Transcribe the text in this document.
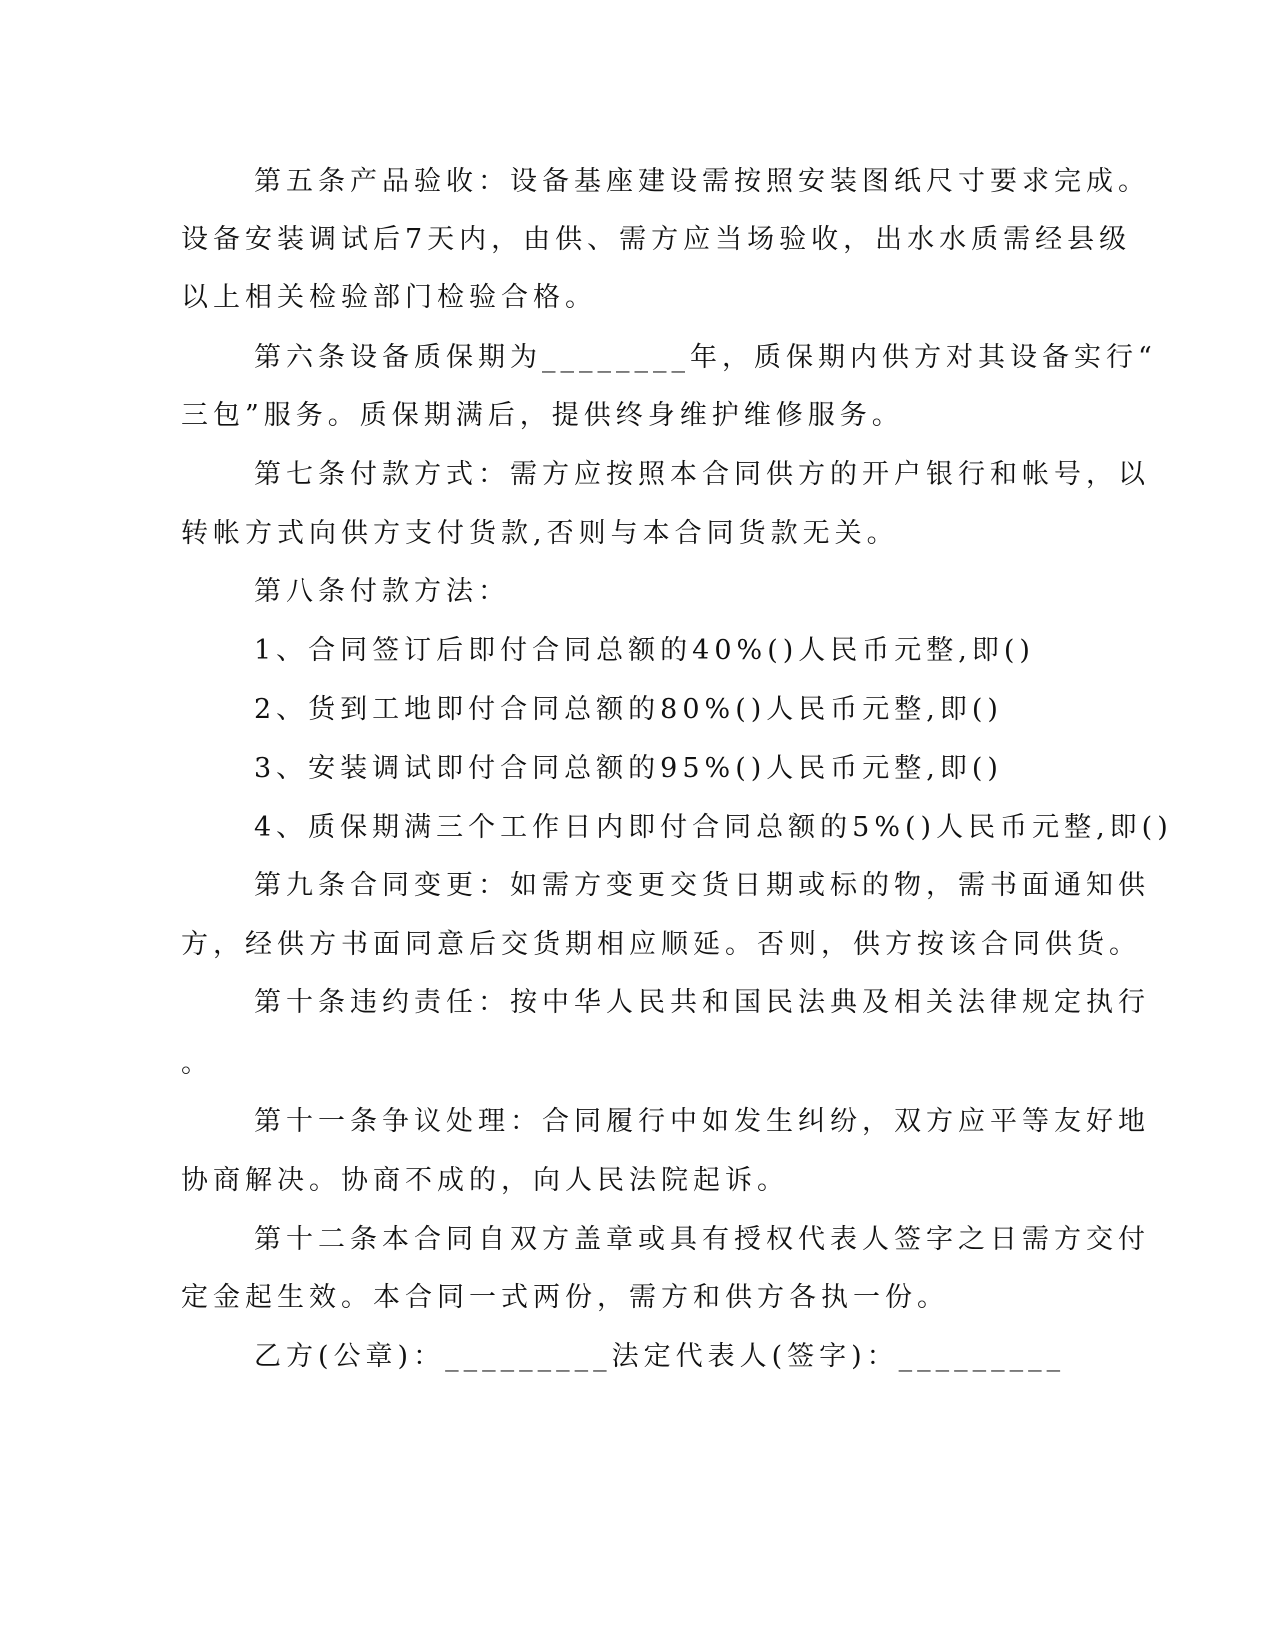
第五条产品验收：设备基座建设需按照安装图纸尺寸要求完成。
设备安装调试后7天内，由供、需方应当场验收，出水水质需经县级
以上相关检验部门检验合格。
第六条设备质保期为________年，质保期内供方对其设备实行“
三包”服务。质保期满后，提供终身维护维修服务。
第七条付款方式：需方应按照本合同供方的开户银行和帐号，以
转帐方式向供方支付货款,否则与本合同货款无关。
第八条付款方法：
1、合同签订后即付合同总额的40%()人民币元整,即()
2、货到工地即付合同总额的80%()人民币元整,即()
3、安装调试即付合同总额的95%()人民币元整,即()
4、质保期满三个工作日内即付合同总额的5%()人民币元整,即()
第九条合同变更：如需方变更交货日期或标的物，需书面通知供
方，经供方书面同意后交货期相应顺延。否则，供方按该合同供货。
第十条违约责任：按中华人民共和国民法典及相关法律规定执行
。
第十一条争议处理：合同履行中如发生纠纷，双方应平等友好地
协商解决。协商不成的，向人民法院起诉。
第十二条本合同自双方盖章或具有授权代表人签字之日需方交付
定金起生效。本合同一式两份，需方和供方各执一份。
乙方(公章)：_________法定代表人(签字)：_________
